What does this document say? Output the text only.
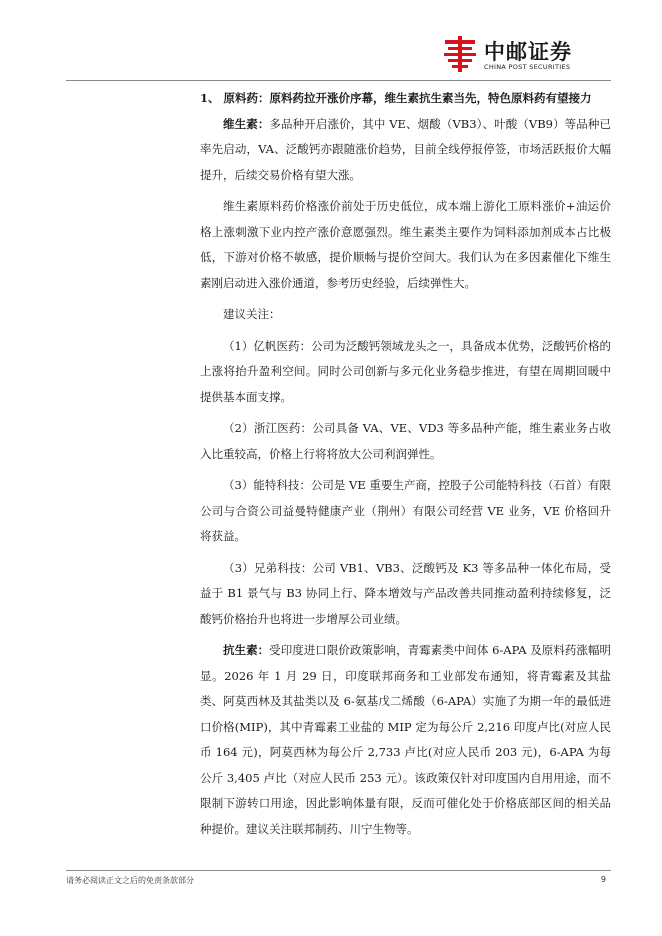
中邮证券
CHINA POST SECURITIES

1、 原料药：原料药拉开涨价序幕，维生素抗生素当先，特色原料药有望接力

维生素：多品种开启涨价，其中 VE、烟酸（VB3）、叶酸（VB9）等品种已率先启动，VA、泛酸钙亦跟随涨价趋势，目前全线停报停签，市场活跃报价大幅提升，后续交易价格有望大涨。

维生素原料药价格涨价前处于历史低位，成本端上游化工原料涨价+油运价格上涨刺激下业内控产涨价意愿强烈。维生素类主要作为饲料添加剂成本占比极低，下游对价格不敏感，提价顺畅与提价空间大。我们认为在多因素催化下维生素刚启动进入涨价通道，参考历史经验，后续弹性大。

建议关注：

（1）亿帆医药：公司为泛酸钙领域龙头之一，具备成本优势，泛酸钙价格的上涨将抬升盈利空间。同时公司创新与多元化业务稳步推进，有望在周期回暖中提供基本面支撑。

（2）浙江医药：公司具备 VA、VE、VD3 等多品种产能，维生素业务占收入比重较高，价格上行将将放大公司利润弹性。

（3）能特科技：公司是 VE 重要生产商，控股子公司能特科技（石首）有限公司与合资公司益曼特健康产业（荆州）有限公司经营 VE 业务，VE 价格回升将获益。

（3）兄弟科技：公司 VB1、VB3、泛酸钙及 K3 等多品种一体化布局，受益于 B1 景气与 B3 协同上行、降本增效与产品改善共同推动盈利持续修复，泛酸钙价格抬升也将进一步增厚公司业绩。

抗生素：受印度进口限价政策影响，青霉素类中间体 6-APA 及原料药涨幅明显。2026 年 1 月 29 日，印度联邦商务和工业部发布通知，将青霉素及其盐类、阿莫西林及其盐类以及 6-氨基戊二烯酸（6-APA）实施了为期一年的最低进口价格(MIP)，其中青霉素工业盐的 MIP 定为每公斤 2,216 印度卢比(对应人民币 164 元)，阿莫西林为每公斤 2,733 卢比(对应人民币 203 元)，6-APA 为每公斤 3,405 卢比（对应人民币 253 元）。该政策仅针对印度国内自用用途，而不限制下游转口用途，因此影响体量有限，反而可催化处于价格底部区间的相关品种提价。建议关注联邦制药、川宁生物等。

请务必阅读正文之后的免责条款部分	9
